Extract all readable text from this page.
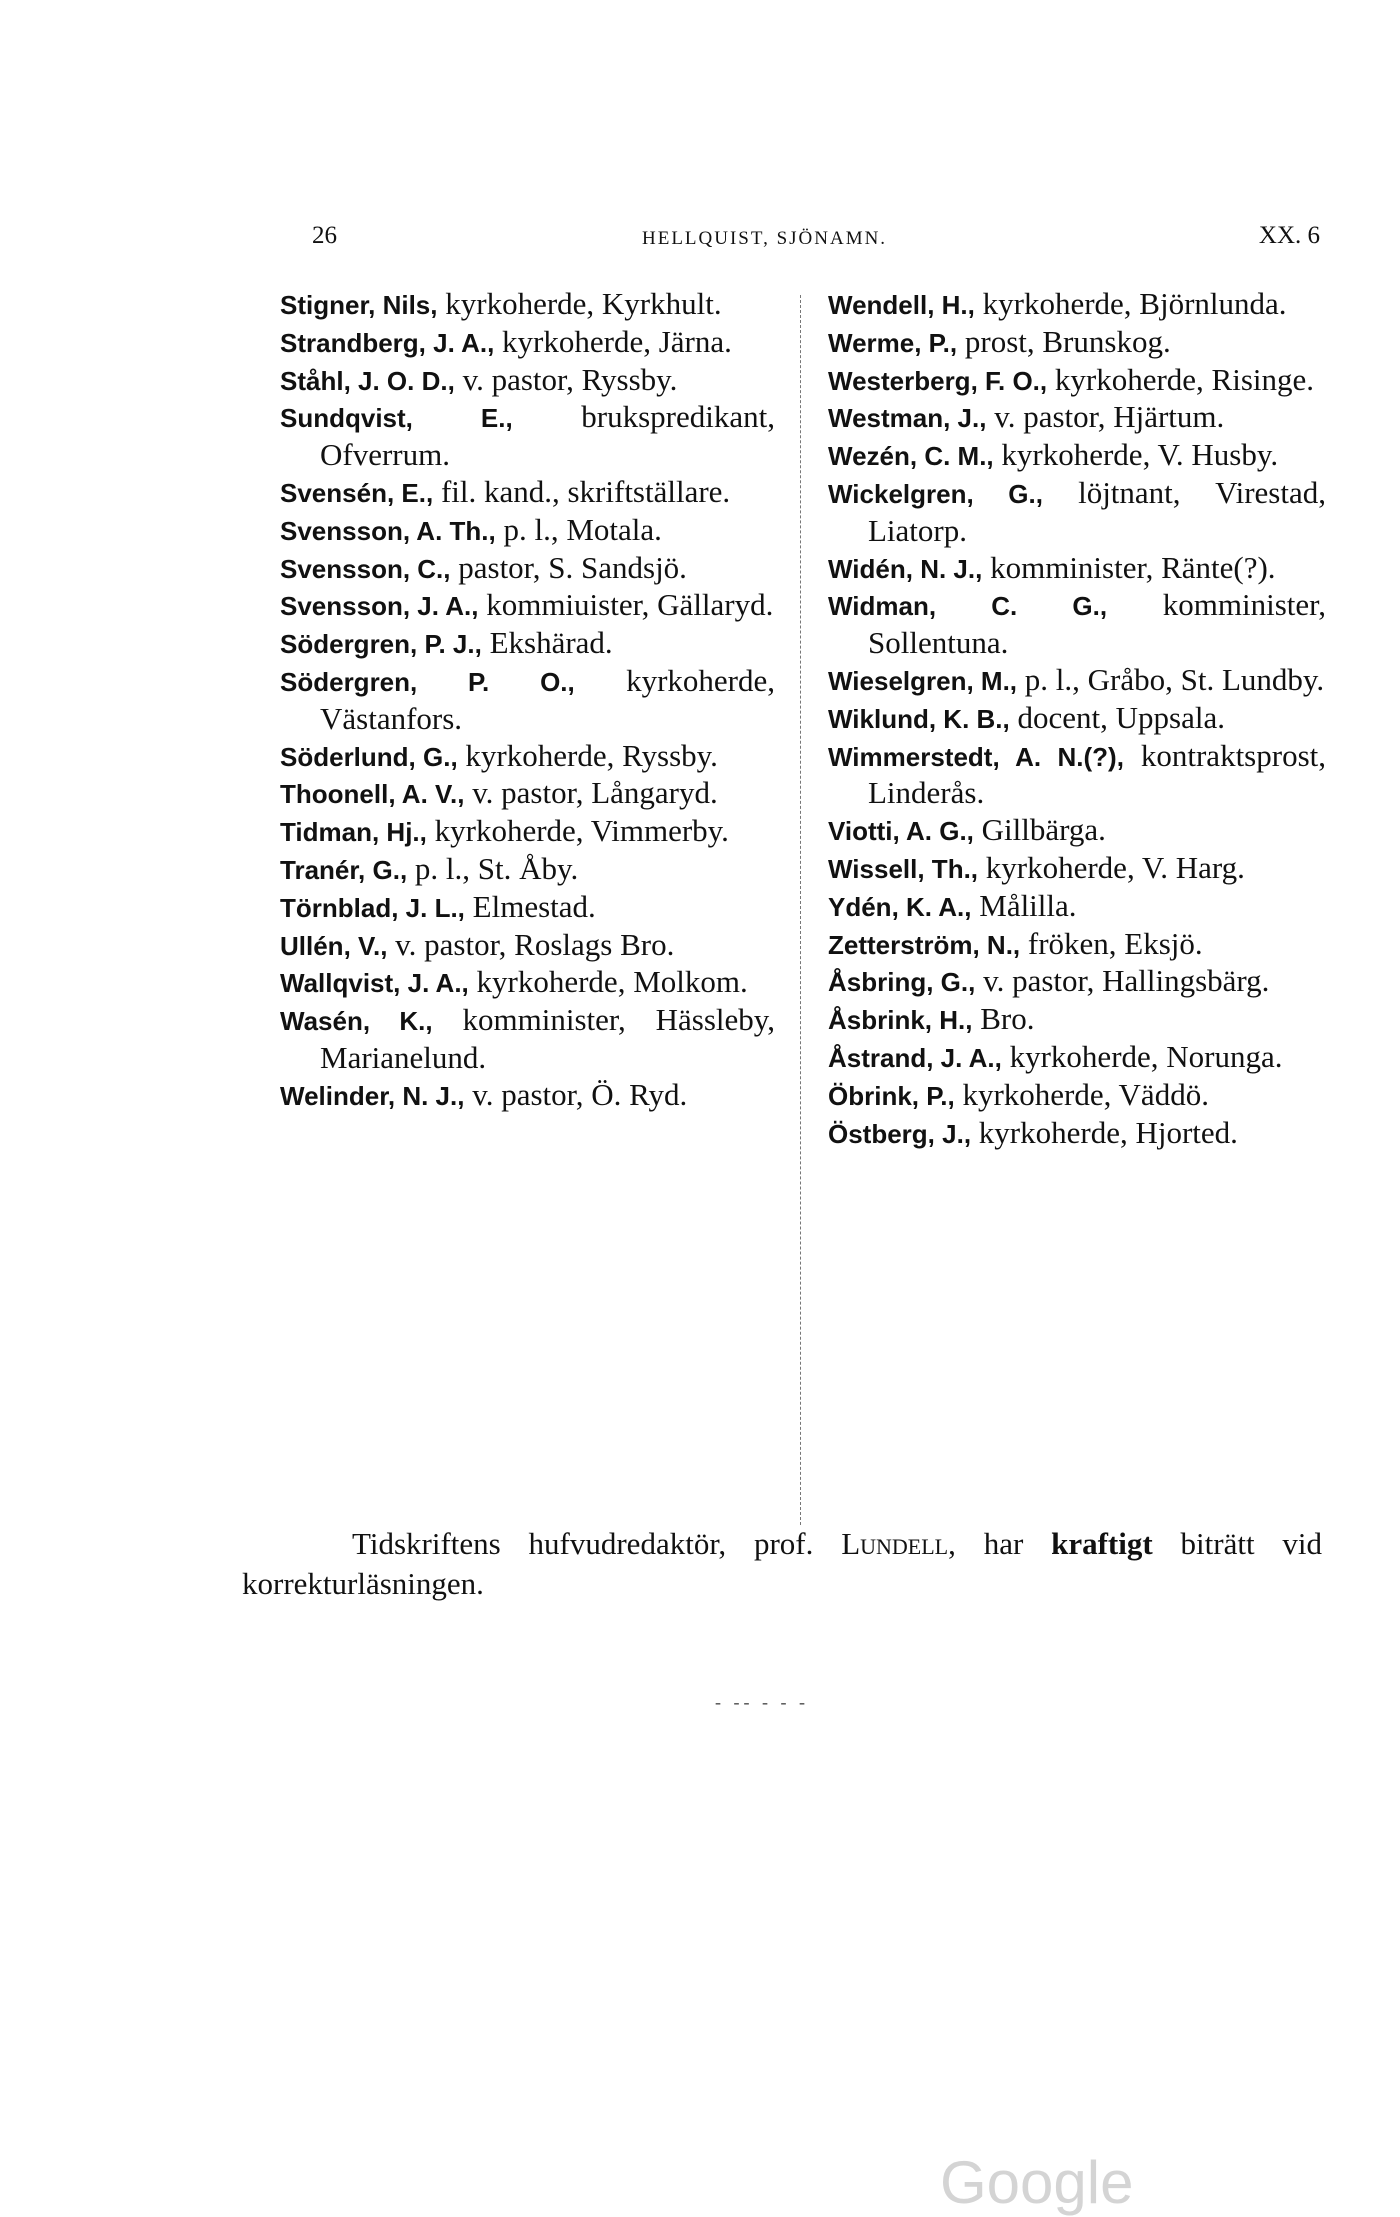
26	HELLQUIST, SJÖNAMN.	XX. 6
Stigner, Nils, kyrkoherde, Kyrkhult.
Strandberg, J. A., kyrkoherde, Järna.
Ståhl, J. O. D., v. pastor, Ryssby.
Sundqvist, E., brukspredikant, Ofverrum.
Svensén, E., fil. kand., skriftställare.
Svensson, A. Th., p. l., Motala.
Svensson, C., pastor, S. Sandsjö.
Svensson, J. A., kommiuister, Gällaryd.
Södergren, P. J., Ekshärad.
Södergren, P. O., kyrkoherde, Västanfors.
Söderlund, G., kyrkoherde, Ryssby.
Thoonell, A. V., v. pastor, Långaryd.
Tidman, Hj., kyrkoherde, Vimmerby.
Tranér, G., p. l., St. Åby.
Törnblad, J. L., Elmestad.
Ullén, V., v. pastor, Roslags Bro.
Wallqvist, J. A., kyrkoherde, Molkom.
Wasén, K., komminister, Hässleby, Marianelund.
Welinder, N. J., v. pastor, Ö. Ryd.
Wendell, H., kyrkoherde, Björnlunda.
Werme, P., prost, Brunskog.
Westerberg, F. O., kyrkoherde, Risinge.
Westman, J., v. pastor, Hjärtum.
Wezén, C. M., kyrkoherde, V. Husby.
Wickelgren, G., löjtnant, Virestad, Liatorp.
Widén, N. J., komminister, Ränte(?).
Widman, C. G., komminister, Sollentuna.
Wieselgren, M., p. l., Gråbo, St. Lundby.
Wiklund, K. B., docent, Uppsala.
Wimmerstedt, A. N.(?), kontraktsprost, Linderås.
Viotti, A. G., Gillbärga.
Wissell, Th., kyrkoherde, V. Harg.
Ydén, K. A., Målilla.
Zetterström, N., fröken, Eksjö.
Åsbring, G., v. pastor, Hallingsbärg.
Åsbrink, H., Bro.
Åstrand, J. A., kyrkoherde, Norunga.
Öbrink, P., kyrkoherde, Väddö.
Östberg, J., kyrkoherde, Hjorted.
Tidskriftens hufvudredaktör, prof. Lundell, har kraftigt biträtt vid korrekturläsningen.
- -- - - -
Google
